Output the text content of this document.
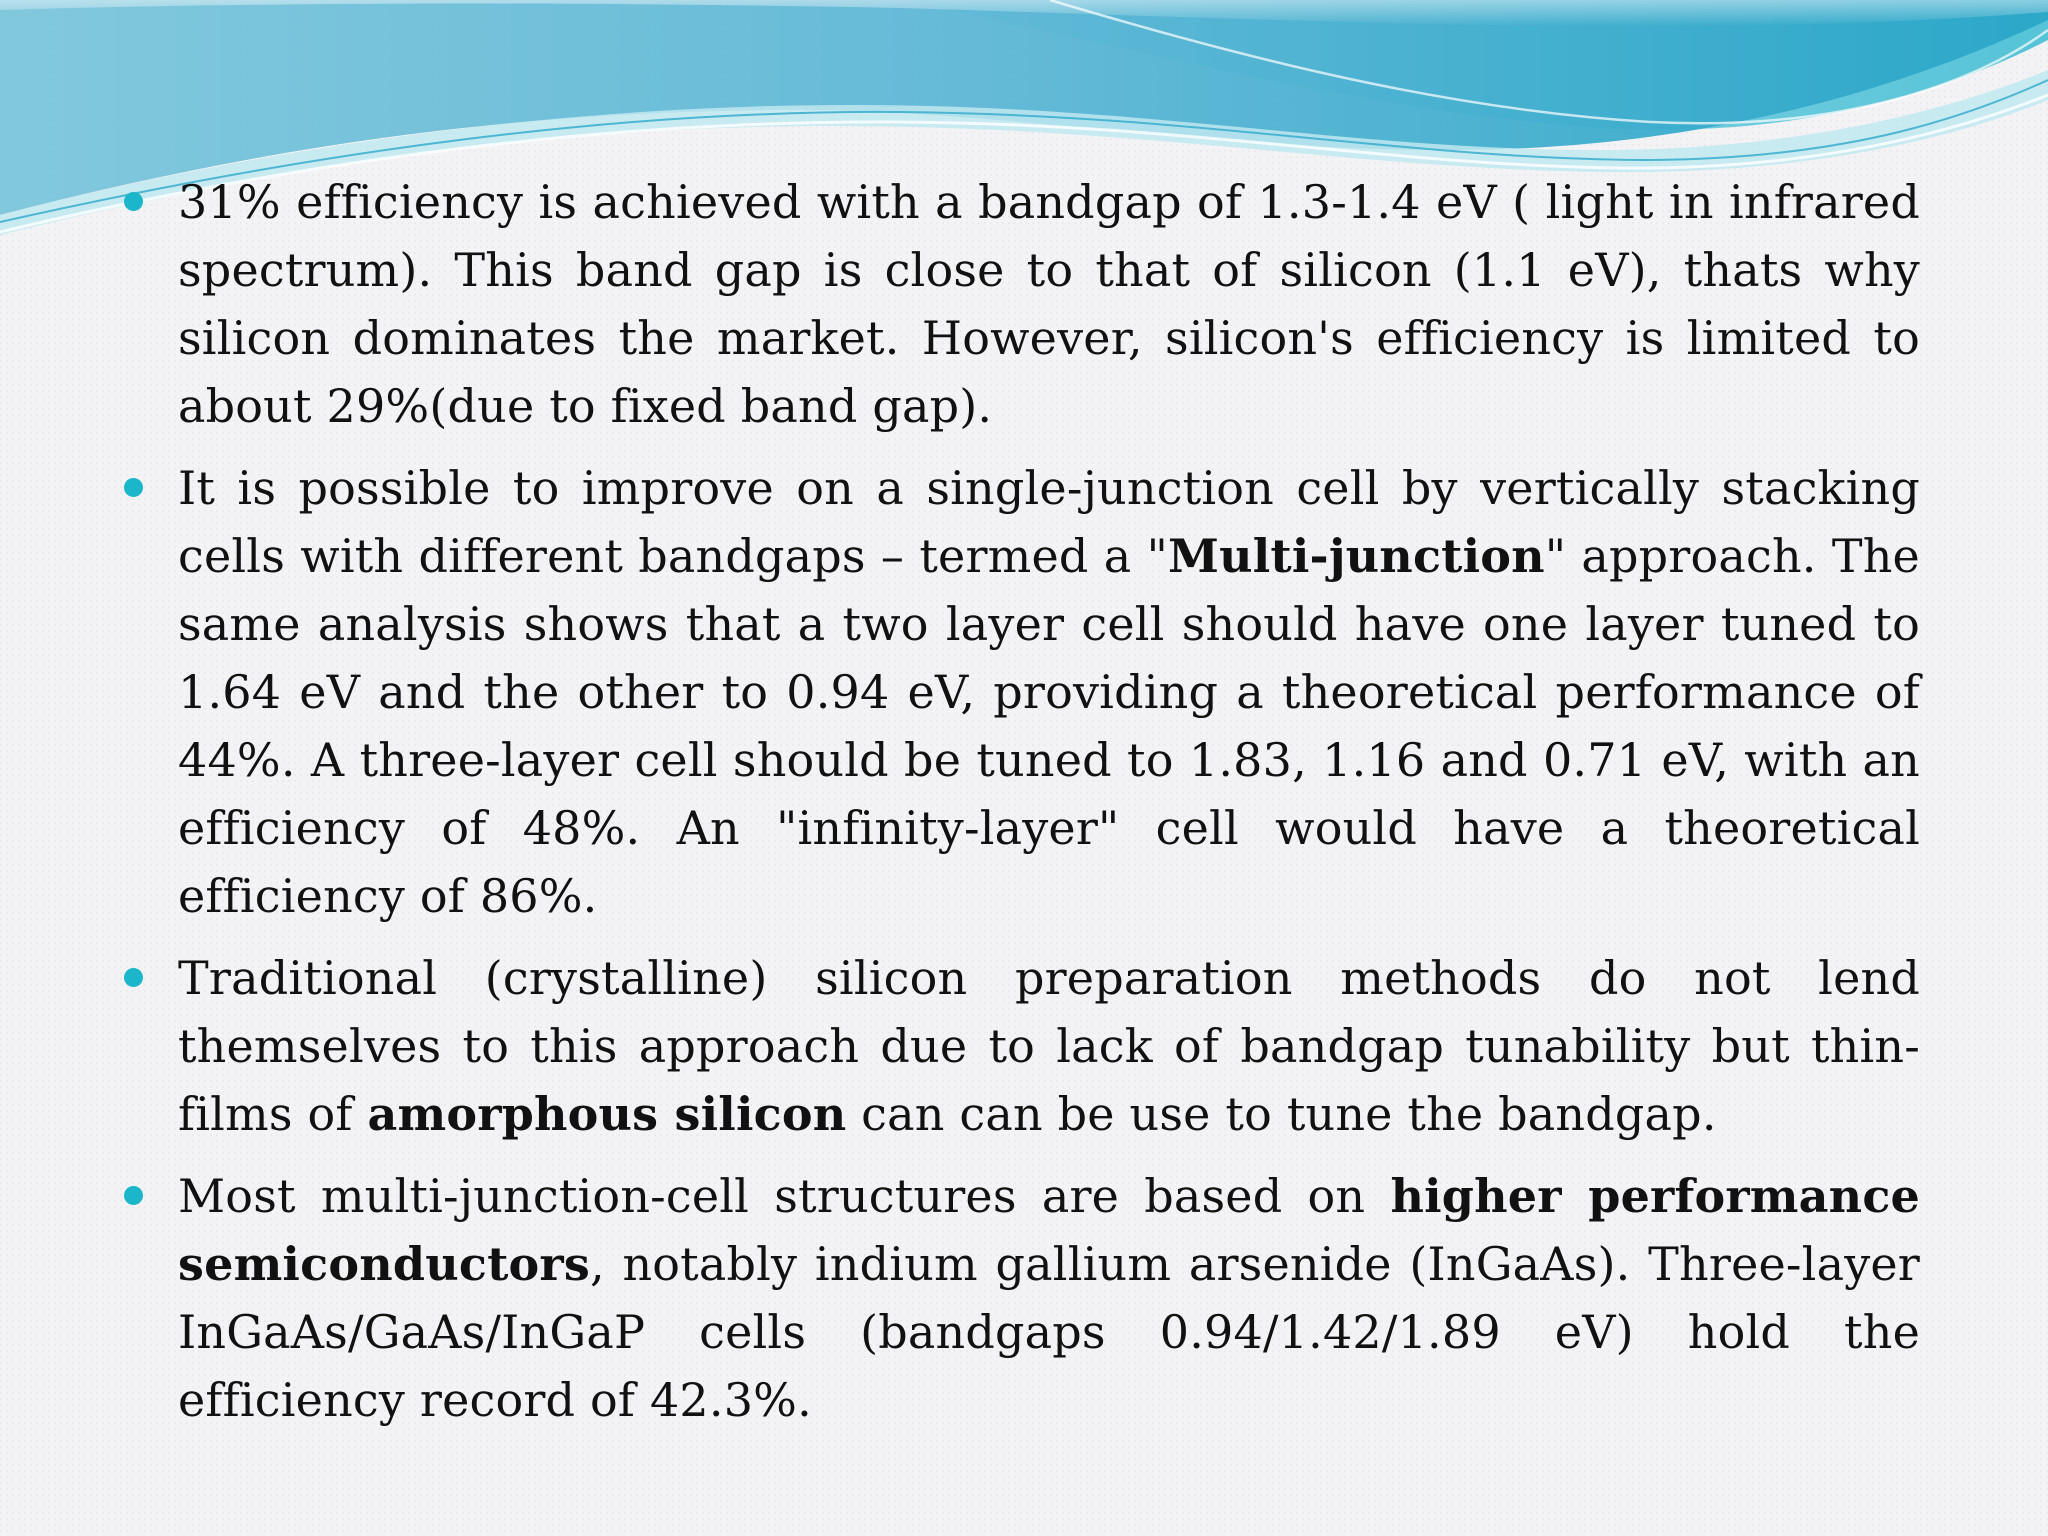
31% efficiency is achieved with a bandgap of 1.3-1.4 eV ( light in infrared spectrum). This band gap is close to that of silicon (1.1 eV), thats why silicon dominates the market. However, silicon's efficiency is limited to about 29%(due to fixed band gap).
It is possible to improve on a single-junction cell by vertically stacking cells with different bandgaps – termed a "Multi-junction" approach. The same analysis shows that a two layer cell should have one layer tuned to 1.64 eV and the other to 0.94 eV, providing a theoretical performance of 44%. A three-layer cell should be tuned to 1.83, 1.16 and 0.71 eV, with an efficiency of 48%. An "infinity-layer" cell would have a theoretical efficiency of 86%.
Traditional (crystalline) silicon preparation methods do not lend themselves to this approach due to lack of bandgap tunability but thin-films of amorphous silicon can can be use to tune the bandgap.
Most multi-junction-cell structures are based on higher performance semiconductors, notably indium gallium arsenide (InGaAs). Three-layer InGaAs/GaAs/InGaP cells (bandgaps 0.94/1.42/1.89 eV) hold the efficiency record of 42.3%.
